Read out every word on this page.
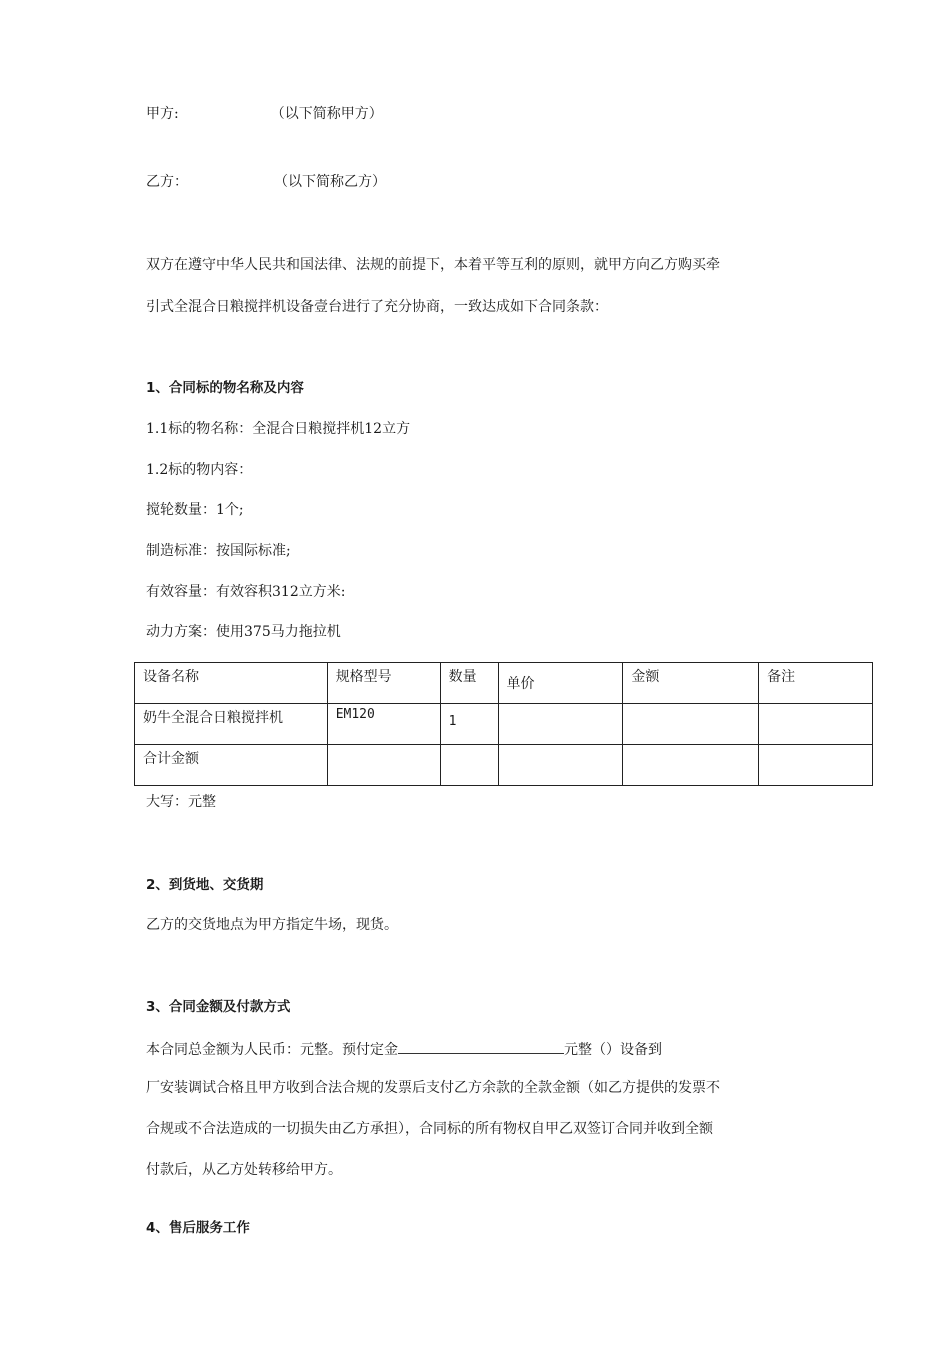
甲方:	（以下简称甲方）
乙方：	（以下简称乙方）
双方在遵守中华人民共和国法律、法规的前提下，本着平等互利的原则，就甲方向乙方购买牵
引式全混合日粮搅拌机设备壹台进行了充分协商，一致达成如下合同条款：
1、合同标的物名称及内容
1.1标的物名称：全混合日粮搅拌机12立方
1.2标的物内容：
搅轮数量：1个;
制造标准：按国际标准;
有效容量：有效容积312立方米:
动力方案：使用375马力拖拉机
设备名称	规格型号	数量	单价	金额	备注
奶牛全混合日粮搅拌机	EM120	1			
合计金额					
大写：元整
2、到货地、交货期
乙方的交货地点为甲方指定牛场，现货。
3、合同金额及付款方式
本合同总金额为人民币：元整。预付定金	元整（）设备到
厂安装调试合格且甲方收到合法合规的发票后支付乙方余款的全款金额（如乙方提供的发票不
合规或不合法造成的一切损失由乙方承担），合同标的所有物权自甲乙双签订合同并收到全额
付款后，从乙方处转移给甲方。
4、售后服务工作
